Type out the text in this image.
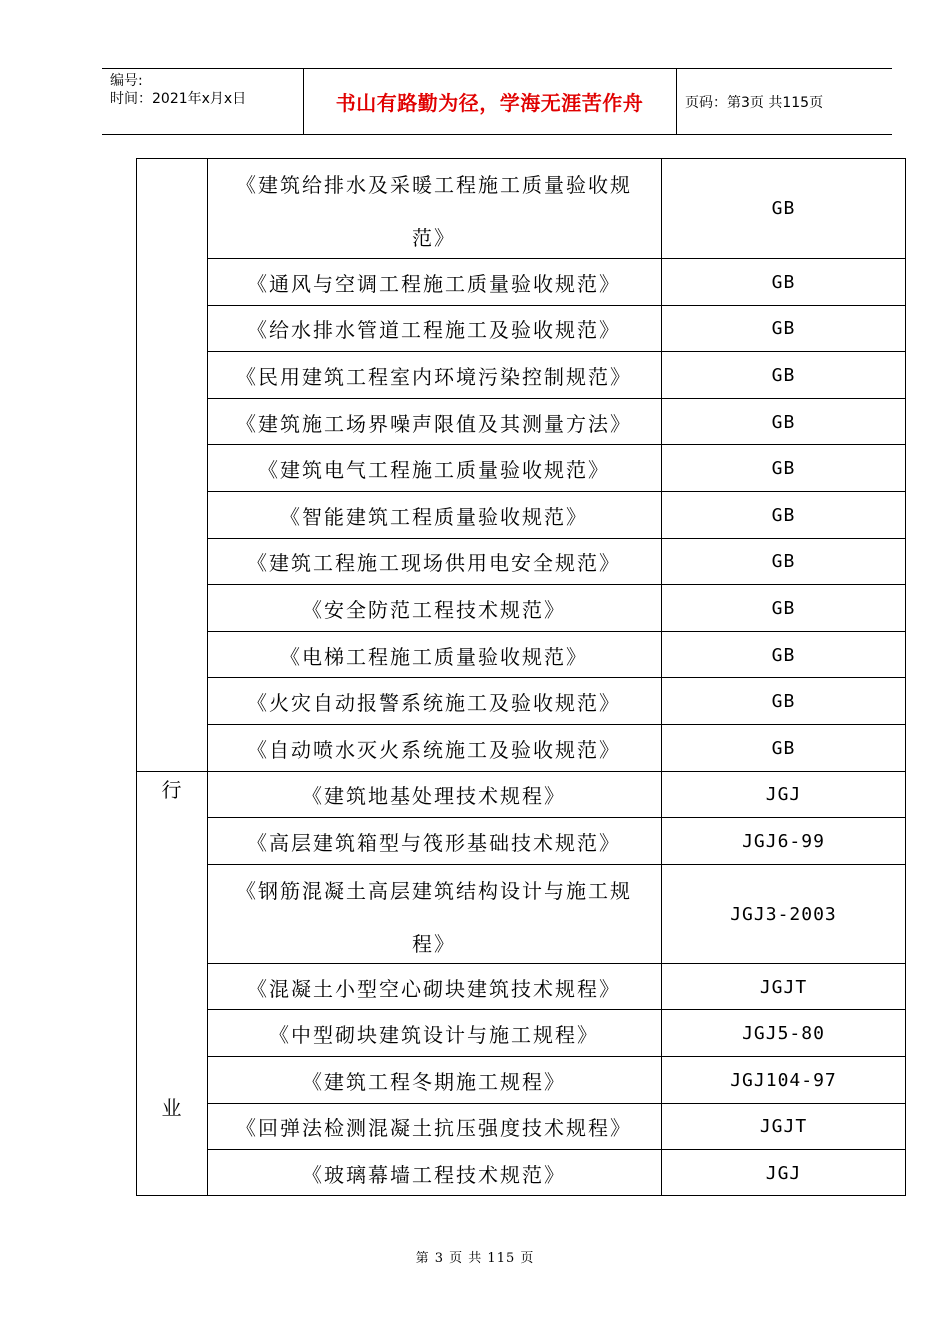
编号:
时间：2021年x月x日	书山有路勤为径，学海无涯苦作舟	页码：第3页 共115页
《建筑给排水及采暖工程施工质量验收规
范》
GB
《通风与空调工程施工质量验收规范》	GB
《给水排水管道工程施工及验收规范》	GB
《民用建筑工程室内环境污染控制规范》	GB
《建筑施工场界噪声限值及其测量方法》	GB
《建筑电气工程施工质量验收规范》	GB
《智能建筑工程质量验收规范》	GB
《建筑工程施工现场供用电安全规范》	GB
《安全防范工程技术规范》	GB
《电梯工程施工质量验收规范》	GB
《火灾自动报警系统施工及验收规范》	GB
《自动喷水灭火系统施工及验收规范》	GB
《建筑地基处理技术规程》	JGJ
《高层建筑箱型与筏形基础技术规范》	JGJ6-99
《钢筋混凝土高层建筑结构设计与施工规
程》
JGJ3-2003
《混凝土小型空心砌块建筑技术规程》	JGJT
《中型砌块建筑设计与施工规程》	JGJ5-80
《建筑工程冬期施工规程》	JGJ104-97
《回弹法检测混凝土抗压强度技术规程》	JGJT
《玻璃幕墙工程技术规范》	JGJ
行
业
第 3 页 共 115 页
